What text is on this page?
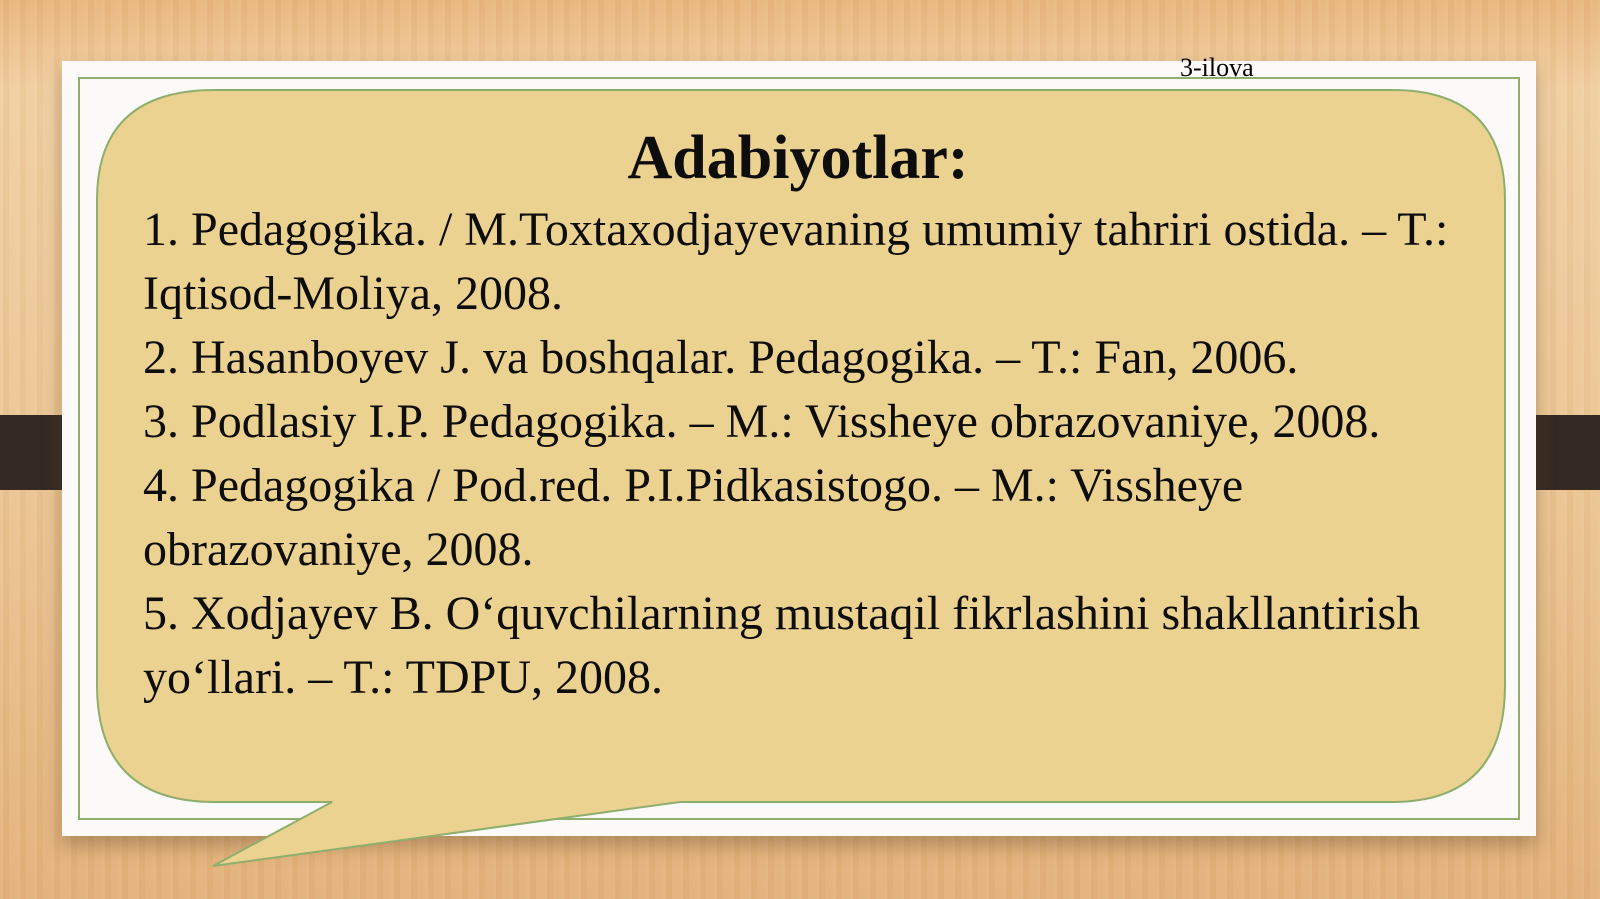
3-ilova
Adabiyotlar:
1. Pedagogika. / M.Toxtaxodjayevaning umumiy tahriri ostida. – T.: Iqtisod-Moliya, 2008.
2. Hasanboyev J. va boshqalar. Pedagogika. – T.: Fan, 2006.
3. Podlasiy I.P. Pedagogika. – M.: Vissheye obrazovaniye, 2008.
4. Pedagogika / Pod.red. P.I.Pidkasistogo. – M.: Vissheye obrazovaniye, 2008.
5. Xodjayev B. O‘quvchilarning mustaqil fikrlashini shakllantirish yo‘llari. – T.: TDPU, 2008.
